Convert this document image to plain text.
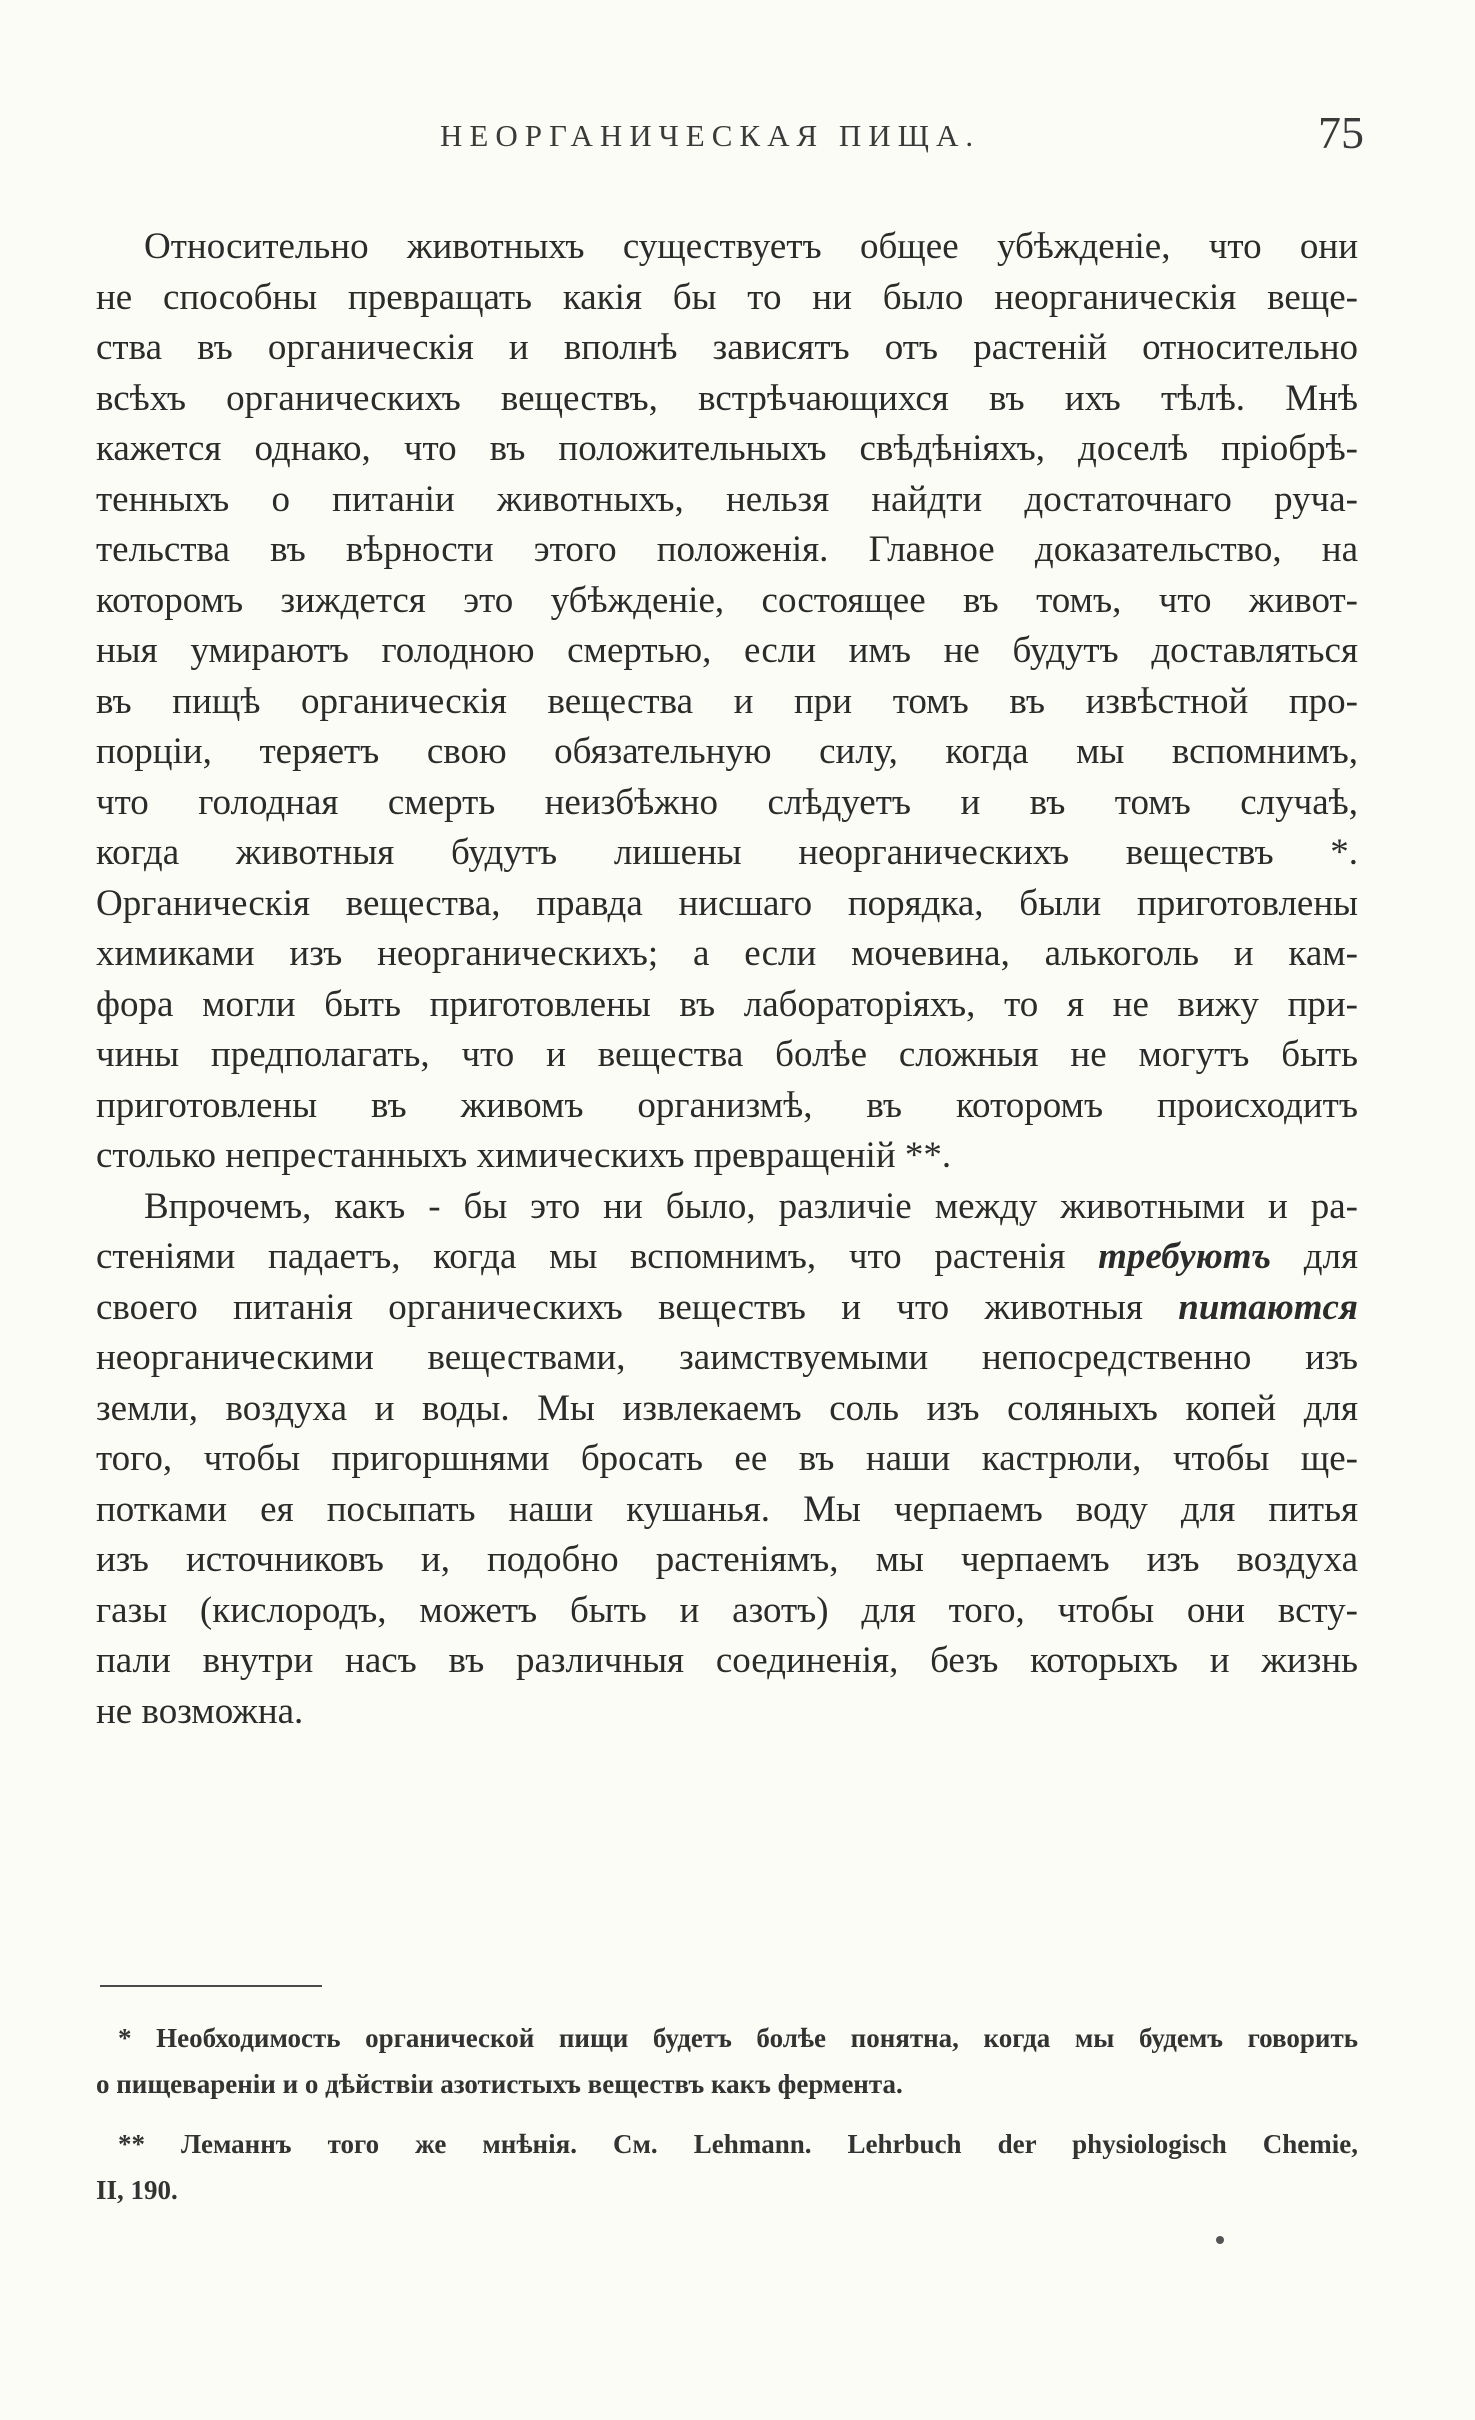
НЕОРГАНИЧЕСКАЯ ПИЩА.	75
Относительно животныхъ существуетъ общее убѣжденіе, что они
не способны превращать какія бы то ни было неорганическія веще-
ства въ органическія и вполнѣ зависятъ отъ растеній относительно
всѣхъ органическихъ веществъ, встрѣчающихся въ ихъ тѣлѣ. Мнѣ
кажется однако, что въ положительныхъ свѣдѣніяхъ, доселѣ пріобрѣ-
тенныхъ о питаніи животныхъ, нельзя найдти достаточнаго руча-
тельства въ вѣрности этого положенія. Главное доказательство, на
которомъ зиждется это убѣжденіе, состоящее въ томъ, что живот-
ныя умираютъ голодною смертью, если имъ не будутъ доставляться
въ пищѣ органическія вещества и при томъ въ извѣстной про-
порціи, теряетъ свою обязательную силу, когда мы вспомнимъ,
что голодная смерть неизбѣжно слѣдуетъ и въ томъ случаѣ,
когда животныя будутъ лишены неорганическихъ веществъ *.
Органическія вещества, правда нисшаго порядка, были приготовлены
химиками изъ неорганическихъ; а если мочевина, алькоголь и кам-
фора могли быть приготовлены въ лабораторіяхъ, то я не вижу при-
чины предполагать, что и вещества болѣе сложныя не могутъ быть
приготовлены въ живомъ организмѣ, въ которомъ происходитъ
столько непрестанныхъ химическихъ превращеній **.
Впрочемъ, какъ - бы это ни было, различіе между животными и ра-
стеніями падаетъ, когда мы вспомнимъ, что растенія требуютъ для
своего питанія органическихъ веществъ и что животныя питаются
неорганическими веществами, заимствуемыми непосредственно изъ
земли, воздуха и воды. Мы извлекаемъ соль изъ соляныхъ копей для
того, чтобы пригоршнями бросать ее въ наши кастрюли, чтобы ще-
потками ея посыпать наши кушанья. Мы черпаемъ воду для питья
изъ источниковъ и, подобно растеніямъ, мы черпаемъ изъ воздуха
газы (кислородъ, можетъ быть и азотъ) для того, чтобы они всту-
пали внутри насъ въ различныя соединенія, безъ которыхъ и жизнь
не возможна.
* Необходимость органической пищи будетъ болѣе понятна, когда мы будемъ говорить
о пищевареніи и о дѣйствіи азотистыхъ веществъ какъ фермента.
** Леманнъ того же мнѣнія. См. Lehmann. Lehrbuch der physiologisch Chemie,
II, 190.
